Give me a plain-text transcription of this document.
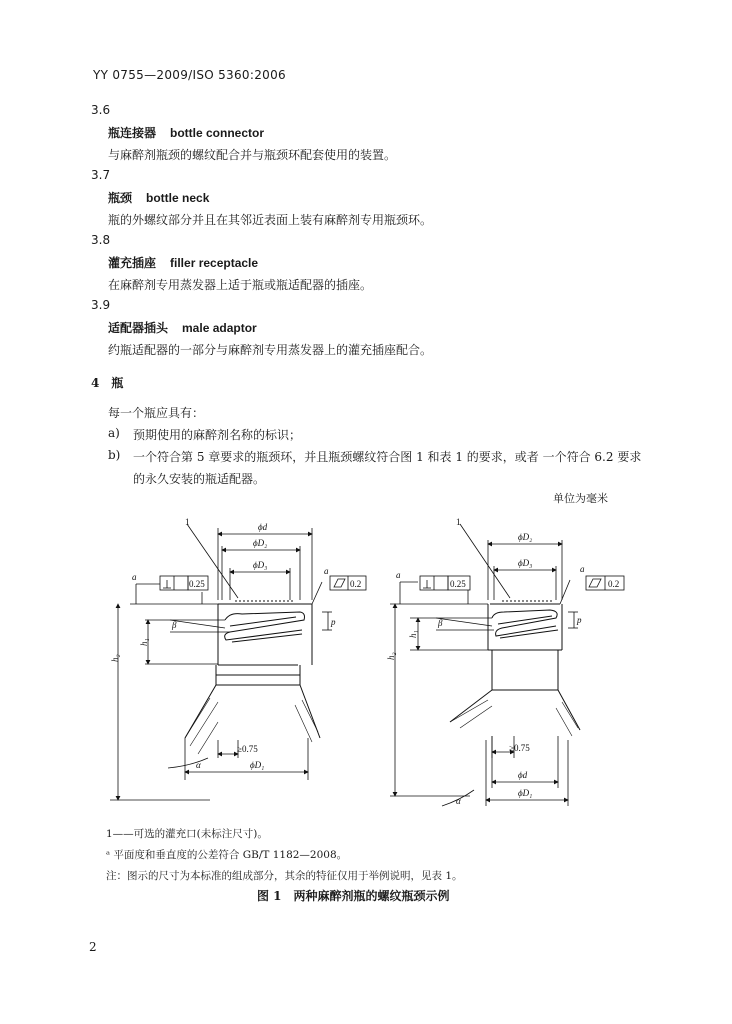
YY 0755—2009/ISO 5360:2006
3.6
瓶连接器 bottle connector
与麻醉剂瓶颈的螺纹配合并与瓶颈环配套使用的装置。
3.7
瓶颈 bottle neck
瓶的外螺纹部分并且在其邻近表面上装有麻醉剂专用瓶颈环。
3.8
灌充插座 filler receptacle
在麻醉剂专用蒸发器上适于瓶或瓶适配器的插座。
3.9
适配器插头 male adaptor
约瓶适配器的一部分与麻醉剂专用蒸发器上的灌充插座配合。
4 瓶
每一个瓶应具有：
a) 预期使用的麻醉剂名称的标识；
b) 一个符合第 5 章要求的瓶颈环，并且瓶颈螺纹符合图 1 和表 1 的要求，或者 一个符合 6.2 要求
的永久安装的瓶适配器。
单位为毫米
1	ϕd
ϕD₂
ϕD₃
a
0.25	0.2
a
β
h₁
h₂
p
≥0.75
ϕD₁
α
1
ϕD₂
ϕD₃
a
0.25	0.2
a
β
h₁
h₂
p
≥0.75
ϕd
ϕD₁
α
1——可选的灌充口(未标注尺寸)。
ᵃ 平面度和垂直度的公差符合 GB/T 1182—2008。
注：图示的尺寸为本标准的组成部分，其余的特征仅用于举例说明，见表 1。
图 1　两种麻醉剂瓶的螺纹瓶颈示例
2
